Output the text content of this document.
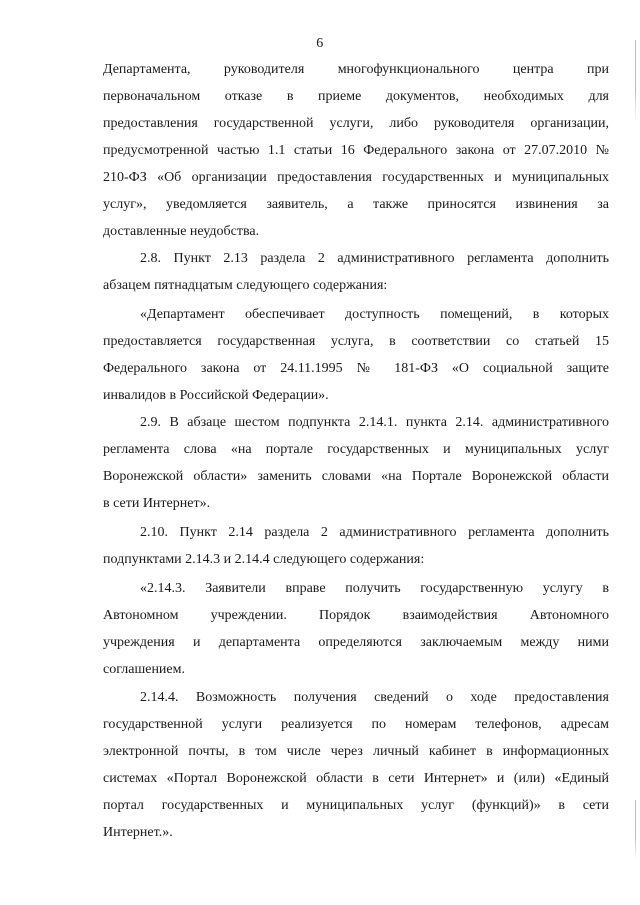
6
Департамента, руководителя многофункционального центра при
первоначальном отказе в приеме документов, необходимых для
предоставления государственной услуги, либо руководителя организации,
предусмотренной частью 1.1 статьи 16 Федерального закона от 27.07.2010 №
210-ФЗ «Об организации предоставления государственных и муниципальных
услуг», уведомляется заявитель, а также приносятся извинения за
доставленные неудобства.
2.8. Пункт 2.13 раздела 2 административного регламента дополнить
абзацем пятнадцатым следующего содержания:
«Департамент обеспечивает доступность помещений, в которых
предоставляется государственная услуга, в соответствии со статьей 15
Федерального закона от 24.11.1995 № 181-ФЗ «О социальной защите
инвалидов в Российской Федерации».
2.9. В абзаце шестом подпункта 2.14.1. пункта 2.14. административного
регламента слова «на портале государственных и муниципальных услуг
Воронежской области» заменить словами «на Портале Воронежской области
в сети Интернет».
2.10. Пункт 2.14 раздела 2 административного регламента дополнить
подпунктами 2.14.3 и 2.14.4 следующего содержания:
«2.14.3. Заявители вправе получить государственную услугу в
Автономном учреждении. Порядок взаимодействия Автономного
учреждения и департамента определяются заключаемым между ними
соглашением.
2.14.4. Возможность получения сведений о ходе предоставления
государственной услуги реализуется по номерам телефонов, адресам
электронной почты, в том числе через личный кабинет в информационных
системах «Портал Воронежской области в сети Интернет» и (или) «Единый
портал государственных и муниципальных услуг (функций)» в сети
Интернет.».
